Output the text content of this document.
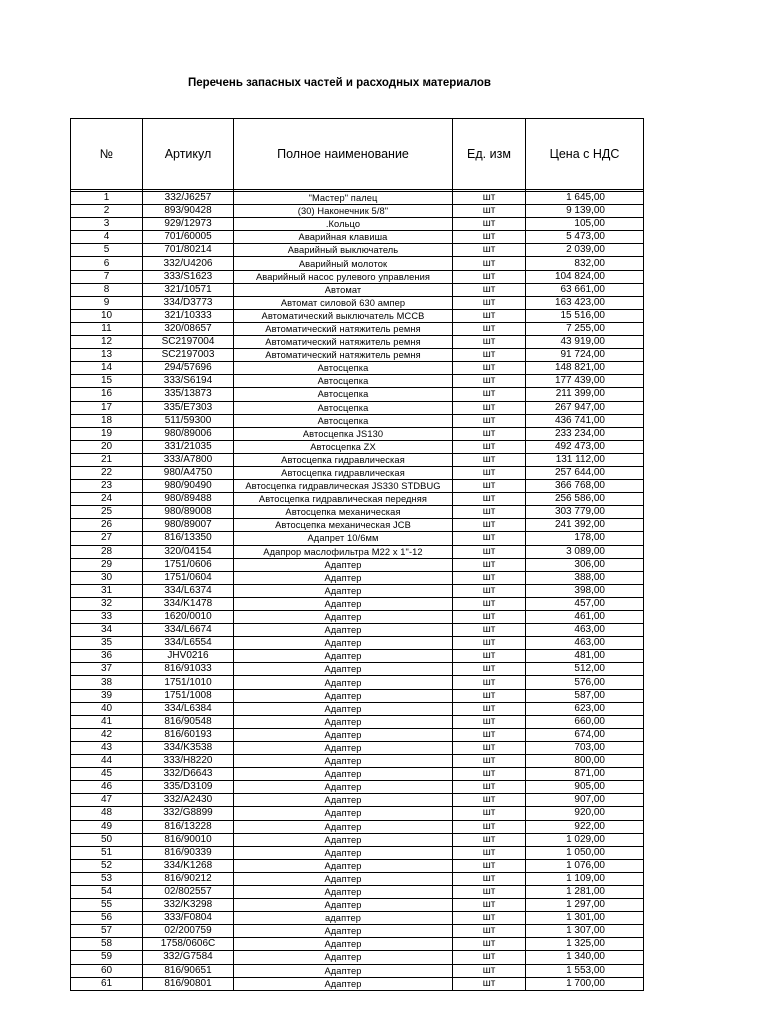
Перечень запасных частей и расходных материалов
№	Артикул	Полное наименование	Ед. изм	Цена с НДС

1	332/J6257	"Мастер" палец	шт	1 645,00
2	893/90428	(30) Наконечник 5/8"	шт	9 139,00
3	929/12973	.Кольцо	шт	105,00
4	701/60005	Аварийная клавиша	шт	5 473,00
5	701/80214	Аварийный выключатель	шт	2 039,00
6	332/U4206	Аварийный молоток	шт	832,00
7	333/S1623	Аварийный насос рулевого управления	шт	104 824,00
8	321/10571	Автомат	шт	63 661,00
9	334/D3773	Автомат силовой 630 ампер	шт	163 423,00
10	321/10333	Автоматический выключатель MCCB	шт	15 516,00
11	320/08657	Автоматический натяжитель ремня	шт	7 255,00
12	SC2197004	Автоматический натяжитель ремня	шт	43 919,00
13	SC2197003	Автоматический натяжитель ремня	шт	91 724,00
14	294/57696	Автосцепка	шт	148 821,00
15	333/S6194	Автосцепка	шт	177 439,00
16	335/13873	Автосцепка	шт	211 399,00
17	335/E7303	Автосцепка	шт	267 947,00
18	511/59300	Автосцепка	шт	436 741,00
19	980/89006	Автосцепка JS130	шт	233 234,00
20	331/21035	Автосцепка ZX	шт	492 473,00
21	333/A7800	Автосцепка гидравлическая	шт	131 112,00
22	980/A4750	Автосцепка гидравлическая	шт	257 644,00
23	980/90490	Автосцепка гидравлическая JS330 STDBUG	шт	366 768,00
24	980/89488	Автосцепка гидравлическая передняя	шт	256 586,00
25	980/89008	Автосцепка механическая	шт	303 779,00
26	980/89007	Автосцепка механическая JCB	шт	241 392,00
27	816/13350	Адапрет 10/6мм	шт	178,00
28	320/04154	Адапрор маслофильтра M22 x 1"-12	шт	3 089,00
29	1751/0606	Адаптер	шт	306,00
30	1751/0604	Адаптер	шт	388,00
31	334/L6374	Адаптер	шт	398,00
32	334/K1478	Адаптер	шт	457,00
33	1620/0010	Адаптер	шт	461,00
34	334/L6674	Адаптер	шт	463,00
35	334/L6554	Адаптер	шт	463,00
36	JHV0216	Адаптер	шт	481,00
37	816/91033	Адаптер	шт	512,00
38	1751/1010	Адаптер	шт	576,00
39	1751/1008	Адаптер	шт	587,00
40	334/L6384	Адаптер	шт	623,00
41	816/90548	Адаптер	шт	660,00
42	816/60193	Адаптер	шт	674,00
43	334/K3538	Адаптер	шт	703,00
44	333/H8220	Адаптер	шт	800,00
45	332/D6643	Адаптер	шт	871,00
46	335/D3109	Адаптер	шт	905,00
47	332/A2430	Адаптер	шт	907,00
48	332/G8899	Адаптер	шт	920,00
49	816/13228	Адаптер	шт	922,00
50	816/90010	Адаптер	шт	1 029,00
51	816/90339	Адаптер	шт	1 050,00
52	334/K1268	Адаптер	шт	1 076,00
53	816/90212	Адаптер	шт	1 109,00
54	02/802557	Адаптер	шт	1 281,00
55	332/K3298	Адаптер	шт	1 297,00
56	333/F0804	адаптер	шт	1 301,00
57	02/200759	Адаптер	шт	1 307,00
58	1758/0606C	Адаптер	шт	1 325,00
59	332/G7584	Адаптер	шт	1 340,00
60	816/90651	Адаптер	шт	1 553,00
61	816/90801	Адаптер	шт	1 700,00
